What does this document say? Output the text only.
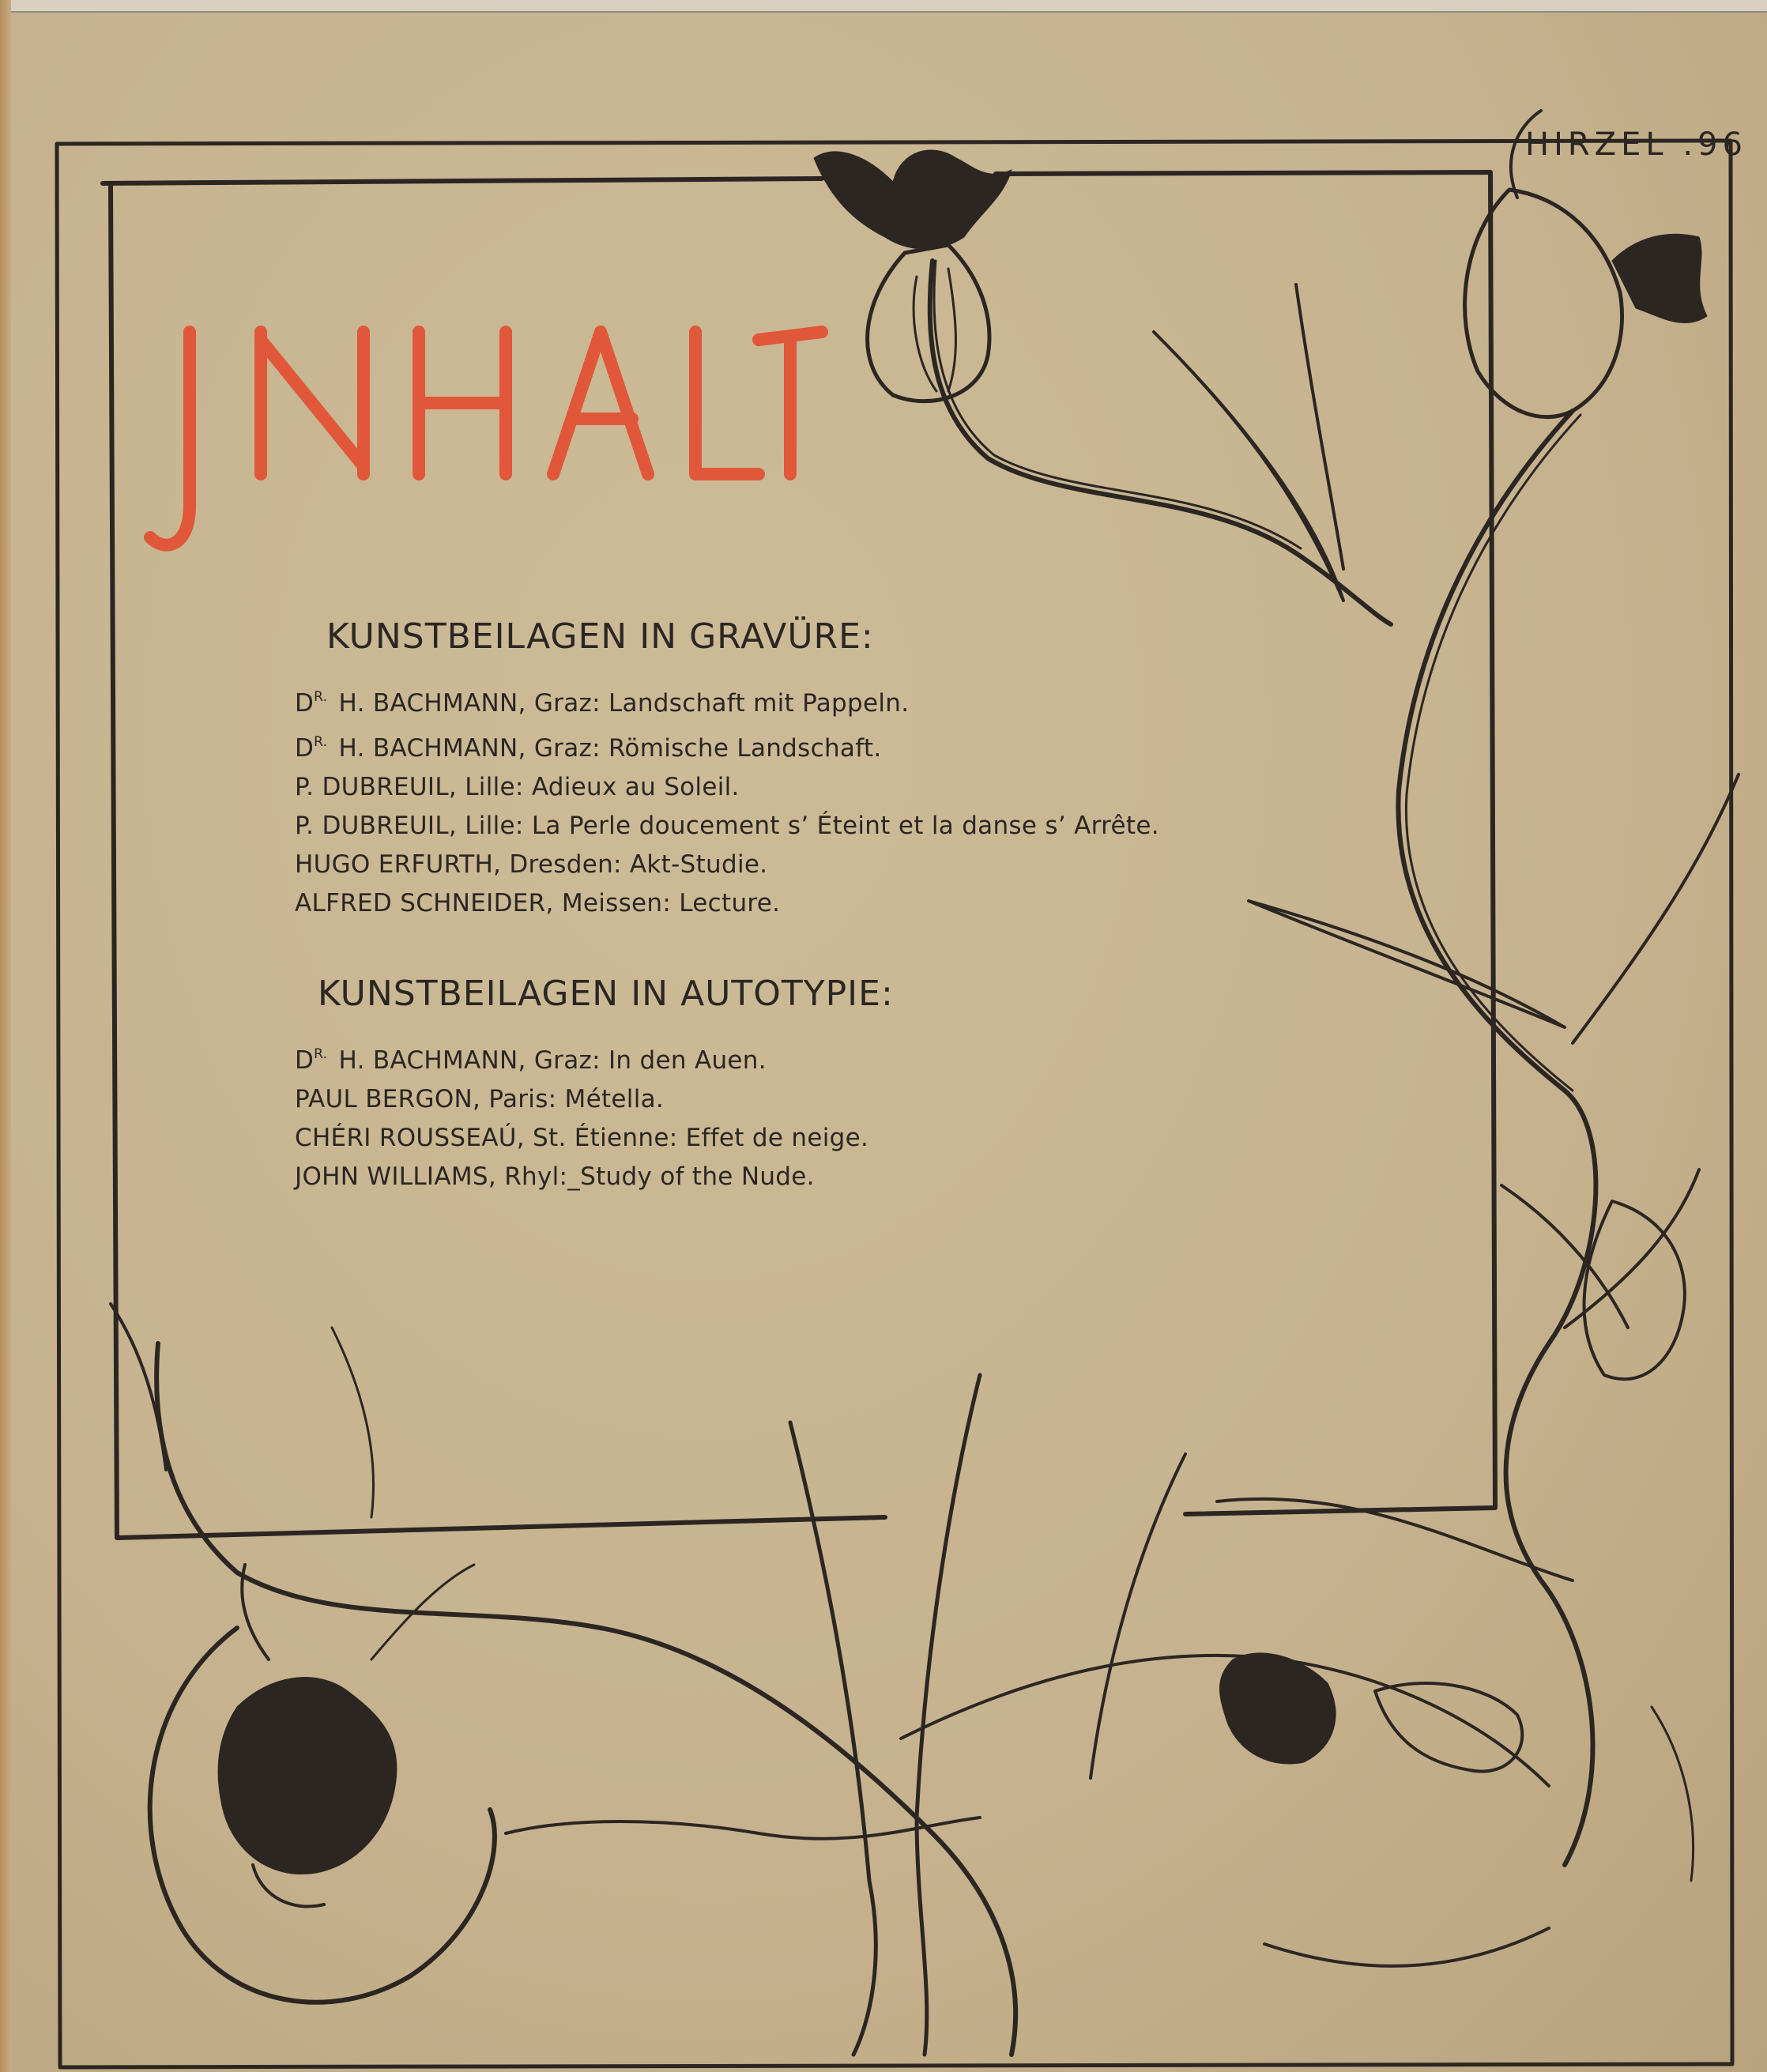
HIRZEL .96
KUNSTBEILAGEN IN GRAVÜRE:
$D^{R.}$ H. BACHMANN, Graz: Landschaft mit Pappeln.
$D^{R.}$ H. BACHMANN, Graz: Römische Landschaft.
P. DUBREUIL, Lille: Adieux au Soleil.
P. DUBREUIL, Lille: La Perle doucement s’ Éteint et la danse s’ Arrête.
HUGO ERFURTH, Dresden: Akt-Studie.
ALFRED SCHNEIDER, Meissen: Lecture.
KUNSTBEILAGEN IN AUTOTYPIE:
$D^{R.}$ H. BACHMANN, Graz: In den Auen.
PAUL BERGON, Paris: Métella.
CHÉRI ROUSSEAÚ, St. Étienne: Effet de neige.
JOHN WILLIAMS, Rhyl:_Study of the Nude.
